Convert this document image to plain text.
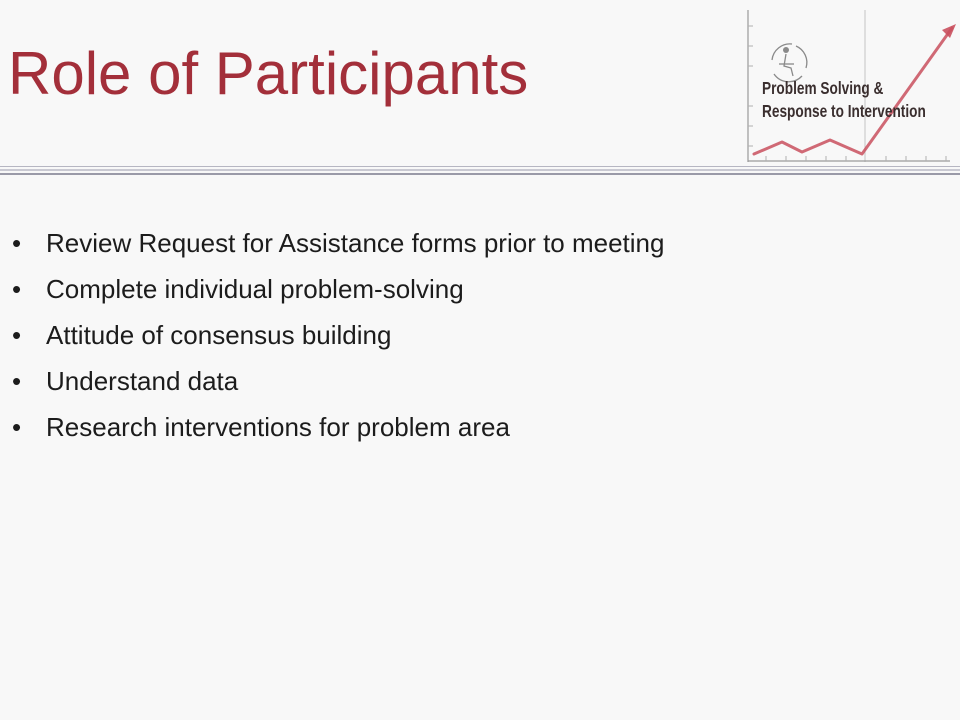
Role of Participants	Problem Solving &
Response to Intervention
• Review Request for Assistance forms prior to meeting
• Complete individual problem-solving
• Attitude of consensus building
• Understand data
• Research interventions for problem area
